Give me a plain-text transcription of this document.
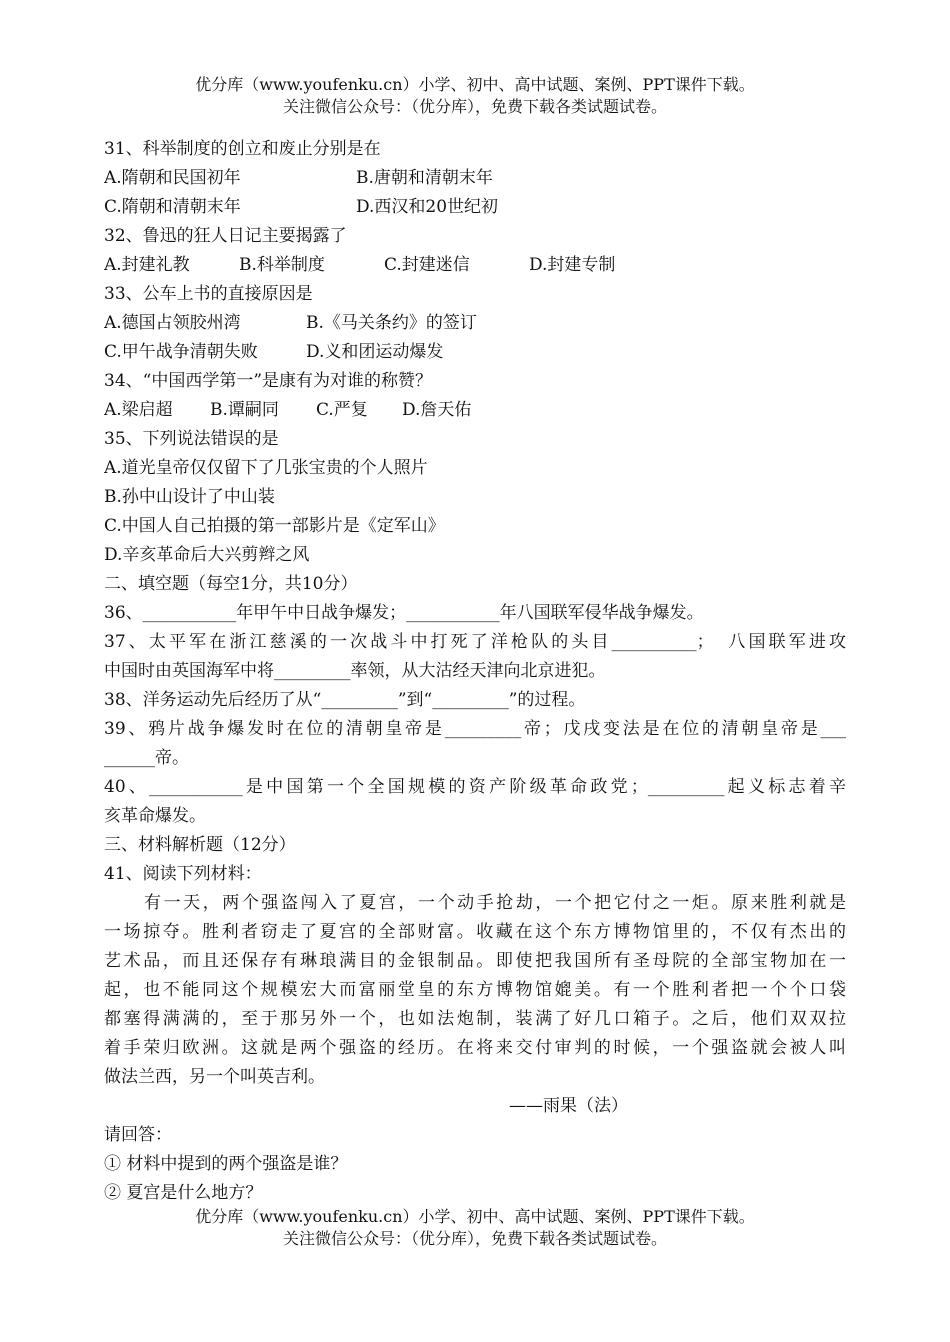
优分库（www.youfenku.cn）小学、初中、高中试题、案例、PPT课件下载。
关注微信公众号：（优分库），免费下载各类试题试卷。
31、科举制度的创立和废止分别是在
A.隋朝和民国初年	B.唐朝和清朝末年
C.隋朝和清朝末年	D.西汉和20世纪初
32、鲁迅的狂人日记主要揭露了
A.封建礼教	B.科举制度	C.封建迷信	D.封建专制
33、公车上书的直接原因是
A.德国占领胶州湾	B.《马关条约》的签订
C.甲午战争清朝失败	D.义和团运动爆发
34、“中国西学第一”是康有为对谁的称赞？
A.梁启超 B.谭嗣同 C.严复 D.詹天佑
35、下列说法错误的是
A.道光皇帝仅仅留下了几张宝贵的个人照片
B.孙中山设计了中山装
C.中国人自己拍摄的第一部影片是《定军山》
D.辛亥革命后大兴剪辫之风
二、填空题（每空1分，共10分）
36、___________年甲午中日战争爆发；___________年八国联军侵华战争爆发。
37、太平军在浙江慈溪的一次战斗中打死了洋枪队的头目__________；　八国联军进攻
中国时由英国海军中将_________率领，从大沽经天津向北京进犯。
38、洋务运动先后经历了从“_________”到“_________”的过程。
39、鸦片战争爆发时在位的清朝皇帝是_________帝；戊戌变法是在位的清朝皇帝是___
______帝。
40、___________是中国第一个全国规模的资产阶级革命政党；_________起义标志着辛
亥革命爆发。
三、材料解析题（12分）
41、阅读下列材料：
有一天，两个强盗闯入了夏宫，一个动手抢劫，一个把它付之一炬。原来胜利就是
一场掠夺。胜利者窃走了夏宫的全部财富。收藏在这个东方博物馆里的，不仅有杰出的
艺术品，而且还保存有琳琅满目的金银制品。即使把我国所有圣母院的全部宝物加在一
起，也不能同这个规模宏大而富丽堂皇的东方博物馆媲美。有一个胜利者把一个个口袋
都塞得满满的，至于那另外一个，也如法炮制，装满了好几口箱子。之后，他们双双拉
着手荣归欧洲。这就是两个强盗的经历。在将来交付审判的时候，一个强盗就会被人叫
做法兰西，另一个叫英吉利。
——雨果（法）
请回答：
① 材料中提到的两个强盗是谁？
② 夏宫是什么地方？
优分库（www.youfenku.cn）小学、初中、高中试题、案例、PPT课件下载。
关注微信公众号：（优分库），免费下载各类试题试卷。
